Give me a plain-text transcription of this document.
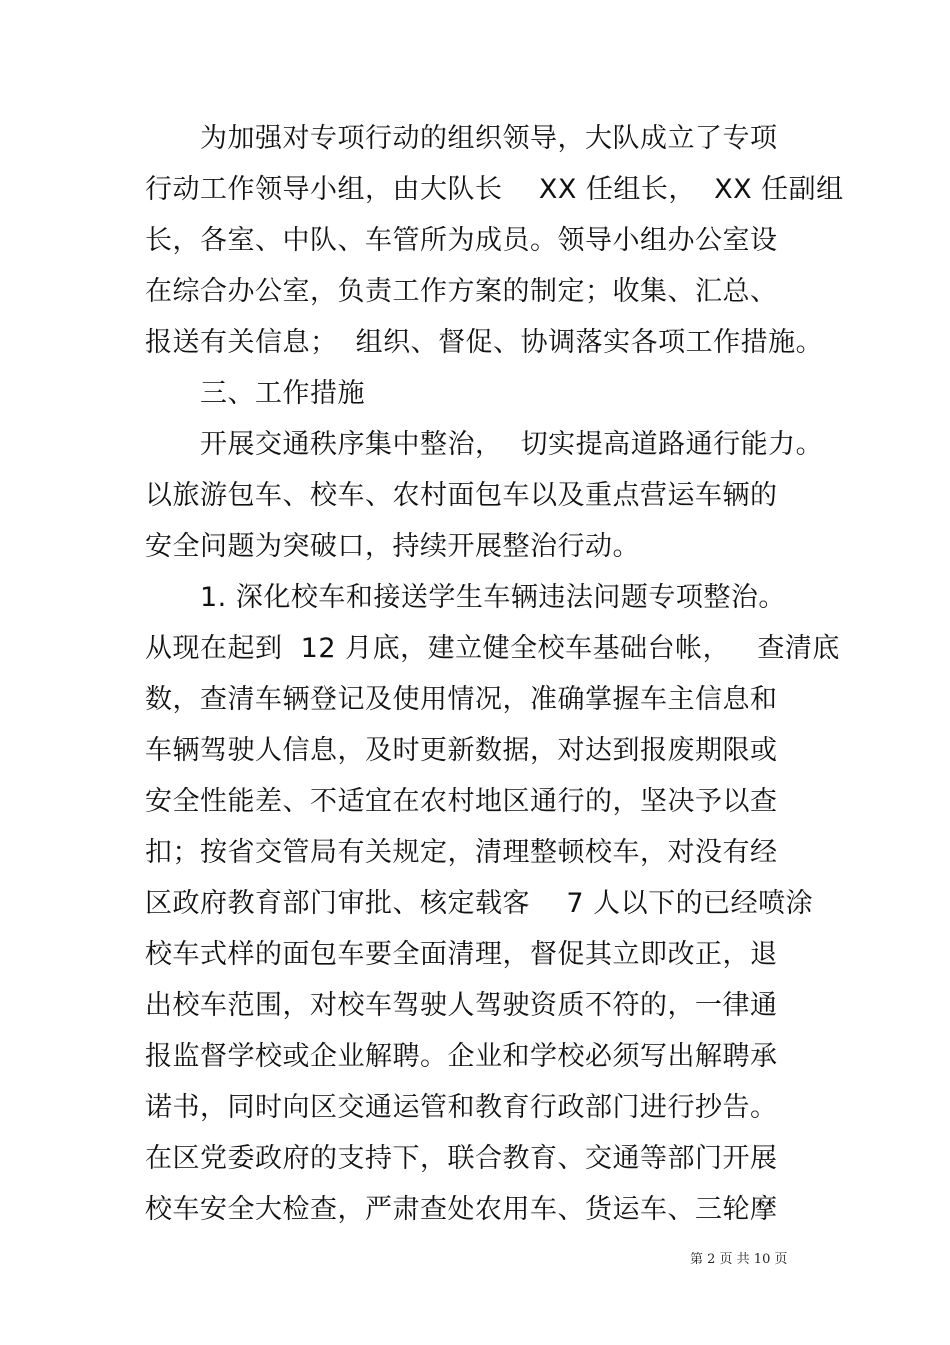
为加强对专项行动的组织领导，大队成立了专项
行动工作领导小组，由大队长    XX 任组长，  XX 任副组
长，各室、中队、车管所为成员。领导小组办公室设
在综合办公室，负责工作方案的制定；收集、汇总、
报送有关信息；  组织、督促、协调落实各项工作措施。
三、工作措施
开展交通秩序集中整治，  切实提高道路通行能力。
以旅游包车、校车、农村面包车以及重点营运车辆的
安全问题为突破口，持续开展整治行动。
1. 深化校车和接送学生车辆违法问题专项整治。
从现在起到  12 月底，建立健全校车基础台帐，   查清底
数，查清车辆登记及使用情况，准确掌握车主信息和
车辆驾驶人信息，及时更新数据，对达到报废期限或
安全性能差、不适宜在农村地区通行的，坚决予以查
扣；按省交管局有关规定，清理整顿校车，对没有经
区政府教育部门审批、核定载客    7 人以下的已经喷涂
校车式样的面包车要全面清理，督促其立即改正，退
出校车范围，对校车驾驶人驾驶资质不符的，一律通
报监督学校或企业解聘。企业和学校必须写出解聘承
诺书，同时向区交通运管和教育行政部门进行抄告。
在区党委政府的支持下，联合教育、交通等部门开展
校车安全大检查，严肃查处农用车、货运车、三轮摩
第 2 页 共 10 页
